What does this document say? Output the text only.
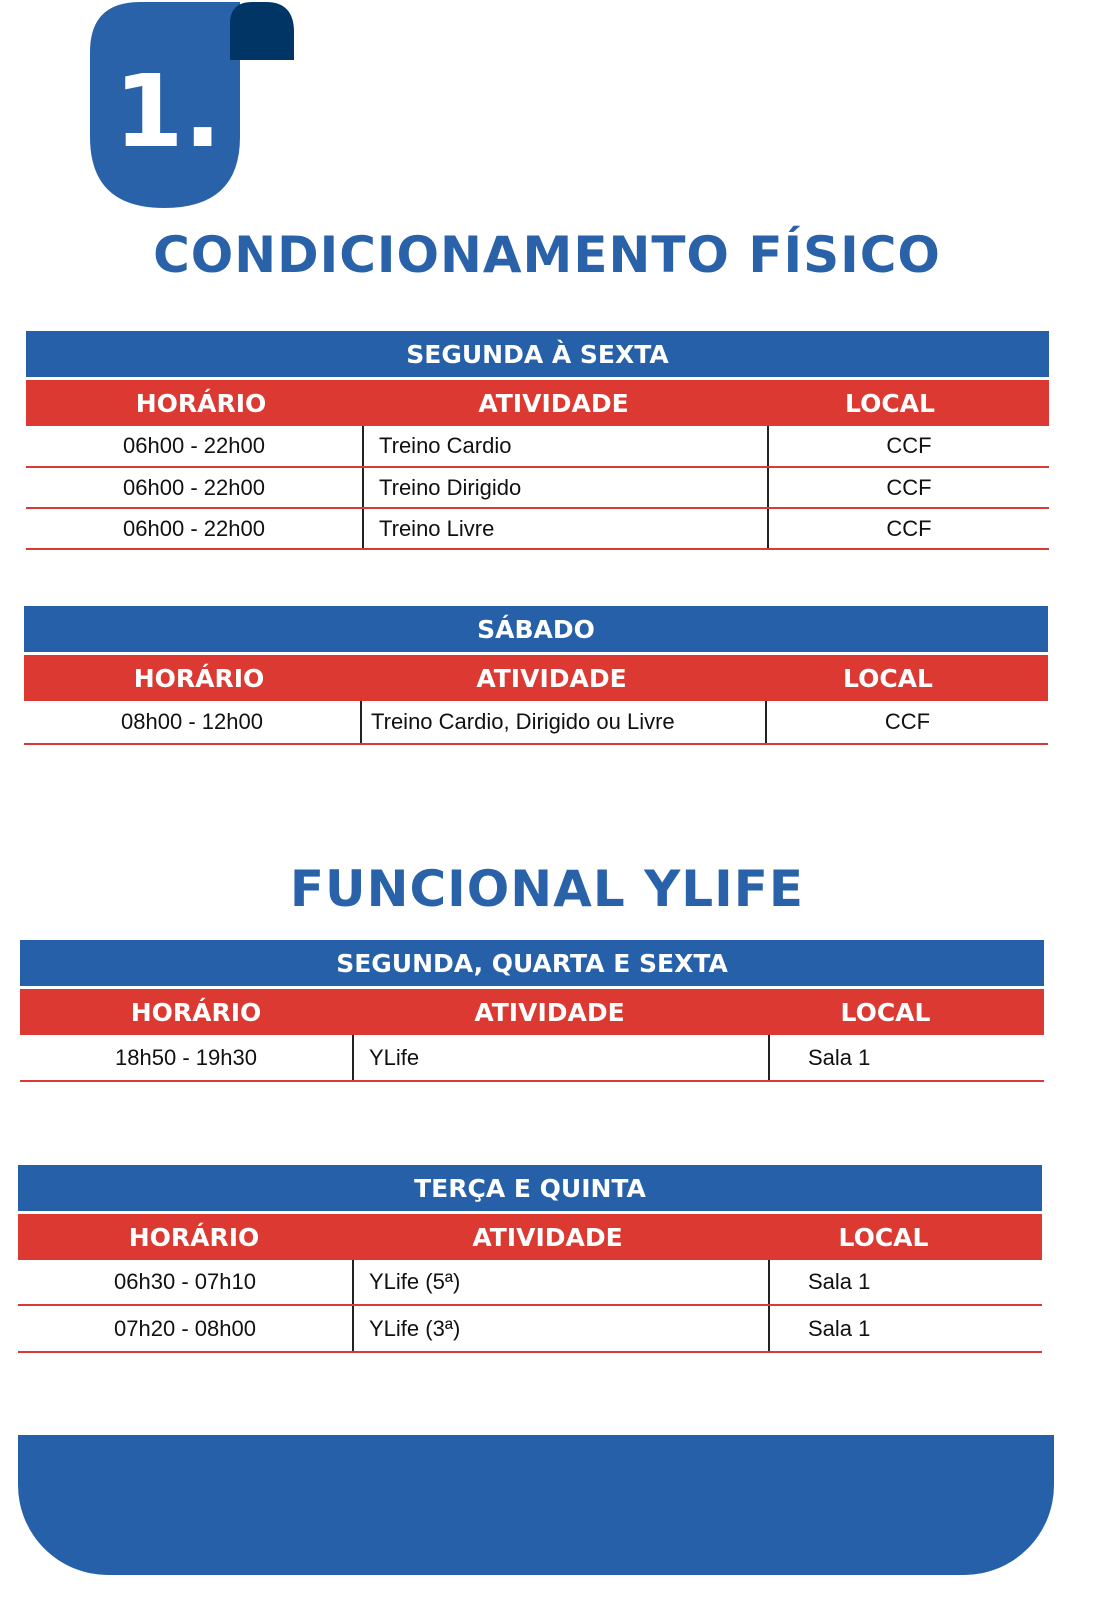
1.
CONDICIONAMENTO FÍSICO
SEGUNDA À SEXTA
HORÁRIO	ATIVIDADE	LOCAL
06h00 - 22h00	Treino Cardio	CCF
06h00 - 22h00	Treino Dirigido	CCF
06h00 - 22h00	Treino Livre	CCF
SÁBADO
HORÁRIO	ATIVIDADE	LOCAL
08h00 - 12h00	Treino Cardio, Dirigido ou Livre	CCF
FUNCIONAL YLIFE
SEGUNDA, QUARTA E SEXTA
HORÁRIO	ATIVIDADE	LOCAL
18h50 - 19h30	YLife	Sala 1
TERÇA E QUINTA
HORÁRIO	ATIVIDADE	LOCAL
06h30 - 07h10	YLife (5ª)	Sala 1
07h20 - 08h00	YLife (3ª)	Sala 1
